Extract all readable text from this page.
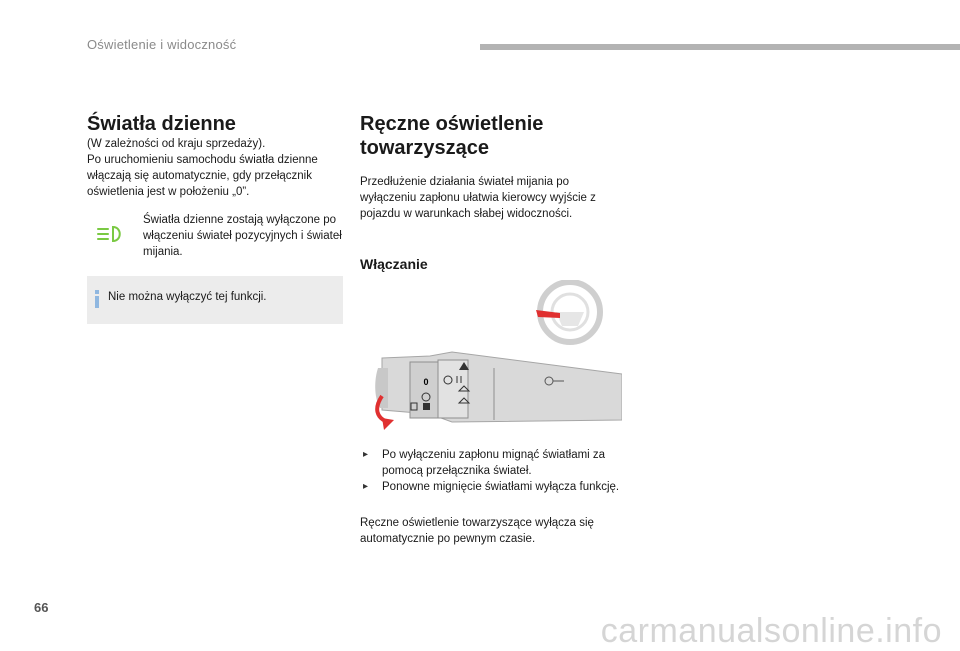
Oświetlenie i widoczność
Światła dzienne

(W zależności od kraju sprzedaży).

Po uruchomieniu samochodu światła dzienne włączają się automatycznie, gdy przełącznik oświetlenia jest w położeniu „0”.

Światła dzienne zostają wyłączone po włączeniu świateł pozycyjnych i świateł mijania.
Nie można wyłączyć tej funkcji.
Ręczne oświetlenie
towarzyszące

Przedłużenie działania świateł mijania po wyłączeniu zapłonu ułatwia kierowcy wyjście z pojazdu w warunkach słabej widoczności.

Włączanie

0
▸ Po wyłączeniu zapłonu mignąć światłami za pomocą przełącznika świateł.
▸ Ponowne mignięcie światłami wyłącza funkcję.
Ręczne oświetlenie towarzyszące wyłącza się automatycznie po pewnym czasie.
66
carmanualsonline.info
